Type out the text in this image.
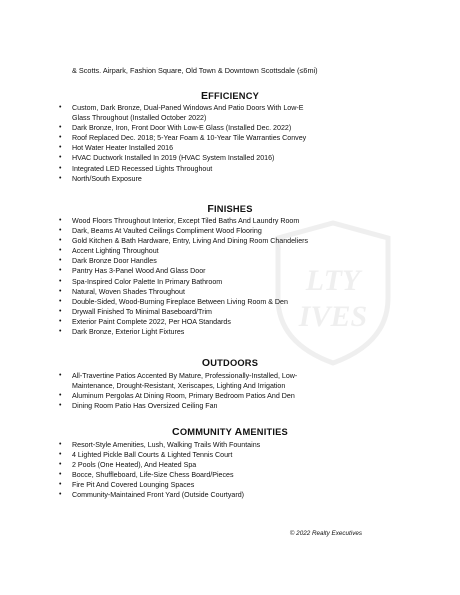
LTY
IVES
& Scotts. Airpark, Fashion Square, Old Town & Downtown Scottsdale (≤6mi)
EFFICIENCY
• Custom, Dark Bronze, Dual-Paned Windows And Patio Doors With Low-E
Glass Throughout (Installed October 2022)
• Dark Bronze, Iron, Front Door With Low-E Glass (Installed Dec. 2022)
• Roof Replaced Dec. 2018; 5-Year Foam & 10-Year Tile Warranties Convey
• Hot Water Heater Installed 2016
• HVAC Ductwork Installed In 2019 (HVAC System Installed 2016)
• Integrated LED Recessed Lights Throughout
• North/South Exposure
FINISHES
• Wood Floors Throughout Interior, Except Tiled Baths And Laundry Room
• Dark, Beams At Vaulted Ceilings Compliment Wood Flooring
• Gold Kitchen & Bath Hardware, Entry, Living And Dining Room Chandeliers
• Accent Lighting Throughout
• Dark Bronze Door Handles
• Pantry Has 3-Panel Wood And Glass Door
• Spa-Inspired Color Palette In Primary Bathroom
• Natural, Woven Shades Throughout
• Double-Sided, Wood-Burning Fireplace Between Living Room & Den
• Drywall Finished To Minimal Baseboard/Trim
• Exterior Paint Complete 2022, Per HOA Standards
• Dark Bronze, Exterior Light Fixtures
OUTDOORS
• All-Travertine Patios Accented By Mature, Professionally-Installed, Low-
Maintenance, Drought-Resistant, Xeriscapes, Lighting And Irrigation
• Aluminum Pergolas At Dining Room, Primary Bedroom Patios And Den
• Dining Room Patio Has Oversized Ceiling Fan
COMMUNITY AMENITIES
• Resort-Style Amenities, Lush, Walking Trails With Fountains
• 4 Lighted Pickle Ball Courts & Lighted Tennis Court
• 2 Pools (One Heated), And Heated Spa
• Bocce, Shuffleboard, Life-Size Chess Board/Pieces
• Fire Pit And Covered Lounging Spaces
• Community-Maintained Front Yard (Outside Courtyard)
© 2022 Realty Executives
